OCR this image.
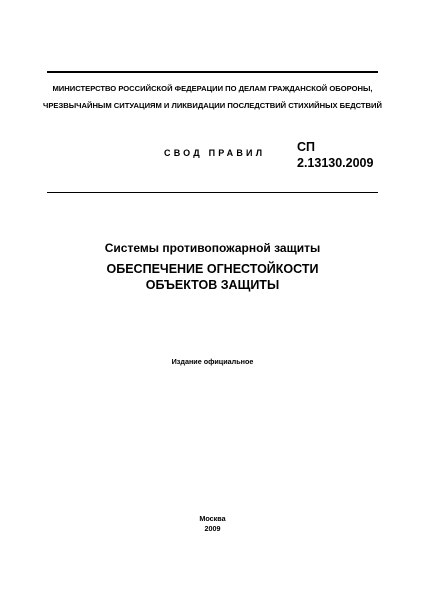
МИНИСТЕРСТВО РОССИЙСКОЙ ФЕДЕРАЦИИ ПО ДЕЛАМ ГРАЖДАНСКОЙ ОБОРОНЫ,
ЧРЕЗВЫЧАЙНЫМ СИТУАЦИЯМ И ЛИКВИДАЦИИ ПОСЛЕДСТВИЙ СТИХИЙНЫХ БЕДСТВИЙ
СВОД ПРАВИЛ	СП
2.13130.2009
Системы противопожарной защиты
ОБЕСПЕЧЕНИЕ ОГНЕСТОЙКОСТИ
ОБЪЕКТОВ ЗАЩИТЫ
Издание официальное
Москва
2009
